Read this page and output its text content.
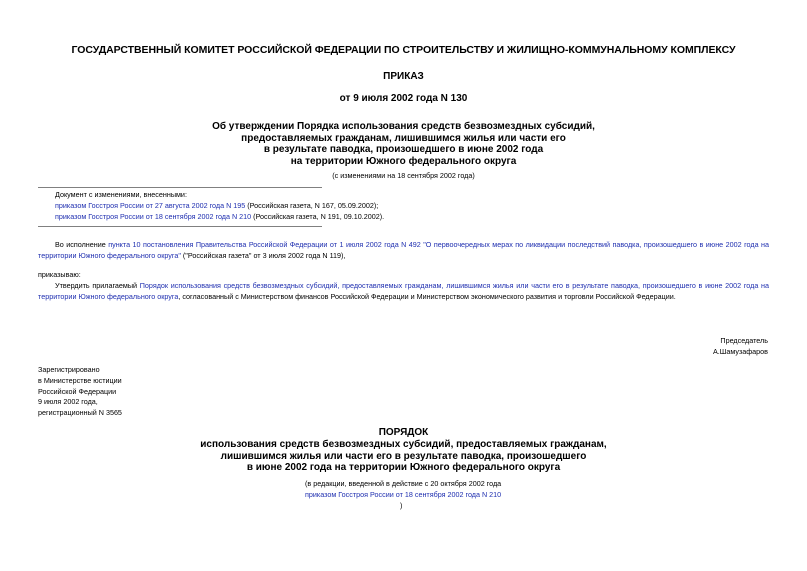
ГОСУДАРСТВЕННЫЙ КОМИТЕТ РОССИЙСКОЙ ФЕДЕРАЦИИ ПО СТРОИТЕЛЬСТВУ И ЖИЛИЩНО-КОММУНАЛЬНОМУ КОМПЛЕКСУ
ПРИКАЗ
от 9 июля 2002 года N 130
Об утверждении Порядка использования средств безвозмездных субсидий,
предоставляемых гражданам, лишившимся жилья или части его
в результате паводка, произошедшего в июне 2002 года
на территории Южного федерального округа
(с изменениями на 18 сентября 2002 года)
Документ с изменениями, внесенными:
приказом Госстроя России от 27 августа 2002 года N 195 (Российская газета, N 167, 05.09.2002);
приказом Госстроя России от 18 сентября 2002 года N 210 (Российская газета, N 191, 09.10.2002).
Во исполнение пункта 10 постановления Правительства Российской Федерации от 1 июля 2002 года N 492 "О первоочередных мерах по ликвидации последствий паводка, произошедшего в июне 2002 года на территории Южного федерального округа" ("Российская газета" от 3 июля 2002 года N 119),
приказываю:
Утвердить прилагаемый Порядок использования средств безвозмездных субсидий, предоставляемых гражданам, лишившимся жилья или части его в результате паводка, произошедшего в июне 2002 года на территории Южного федерального округа, согласованный с Министерством финансов Российской Федерации и Министерством экономического развития и торговли Российской Федерации.
Председатель
А.Шамузафаров
Зарегистрировано
в Министерстве юстиции
Российской Федерации
9 июля 2002 года,
регистрационный N 3565
ПОРЯДОК
использования средств безвозмездных субсидий, предоставляемых гражданам,
лишившимся жилья или части его в результате паводка, произошедшего
в июне 2002 года на территории Южного федерального округа
(в редакции, введенной в действие с 20 октября 2002 года
приказом Госстроя России от 18 сентября 2002 года N 210
)
